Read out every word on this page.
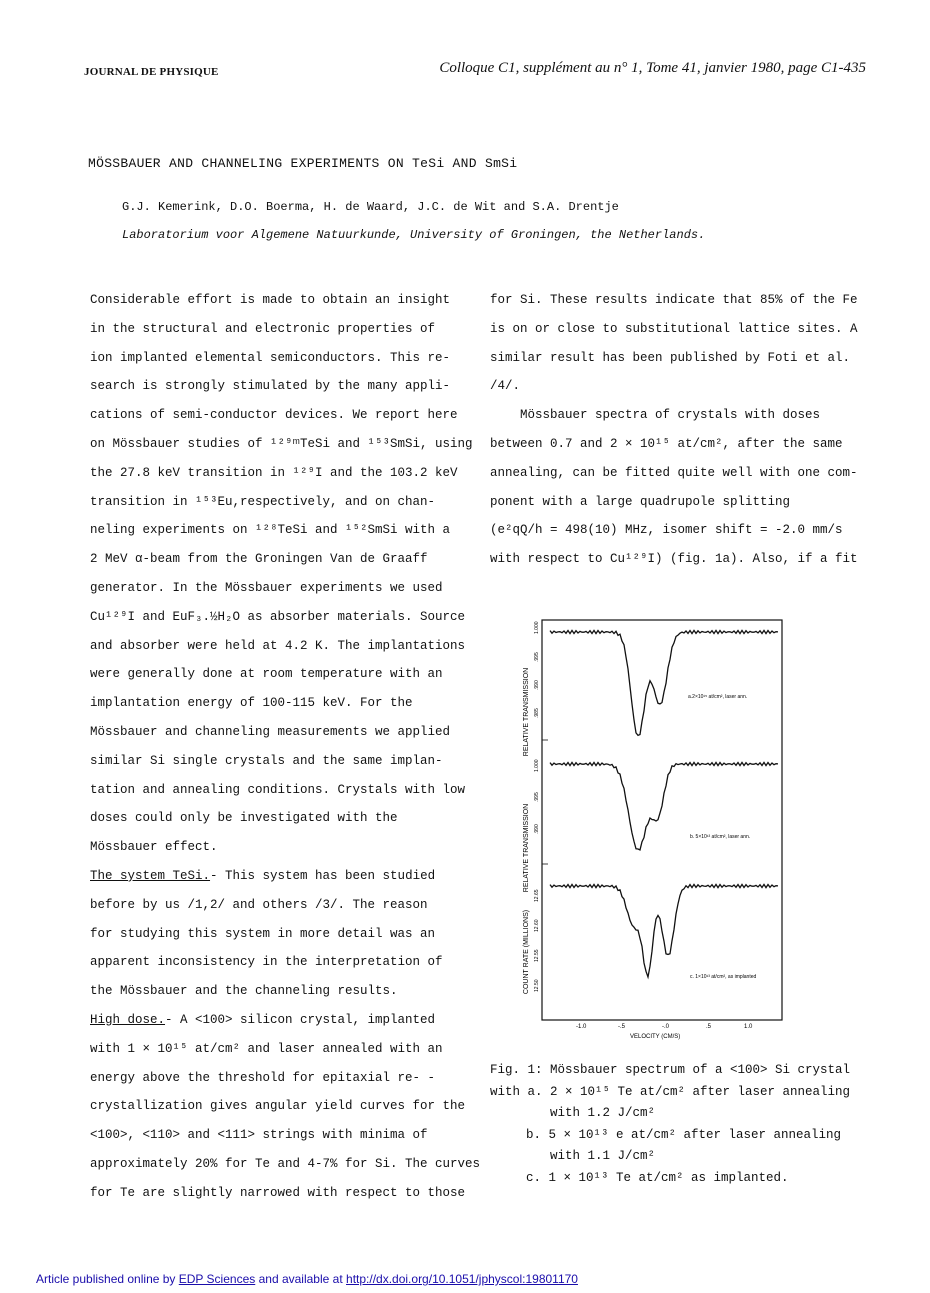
JOURNAL DE PHYSIQUE	Colloque C1, supplément au n° 1, Tome 41, janvier 1980, page C1-435
MÖSSBAUER AND CHANNELING EXPERIMENTS ON TeSi AND SmSi
G.J. Kemerink, D.O. Boerma, H. de Waard, J.C. de Wit and S.A. Drentje
Laboratorium voor Algemene Natuurkunde, University of Groningen, the Netherlands.
Considerable effort is made to obtain an insight
in the structural and electronic properties of
ion implanted elemental semiconductors. This re-
search is strongly stimulated by the many appli-
cations of semi-conductor devices. We report here
on Mössbauer studies of ¹²⁹ᵐTeSi and ¹⁵³SmSi, using
the 27.8 keV transition in ¹²⁹I and the 103.2 keV
transition in ¹⁵³Eu,respectively, and on chan-
neling experiments on ¹²⁸TeSi and ¹⁵²SmSi with a
2 MeV α-beam from the Groningen Van de Graaff
generator. In the Mössbauer experiments we used
Cu¹²⁹I and EuF₃.½H₂O as absorber materials. Source
and absorber were held at 4.2 K. The implantations
were generally done at room temperature with an
implantation energy of 100-115 keV. For the
Mössbauer and channeling measurements we applied
similar Si single crystals and the same implan-
tation and annealing conditions. Crystals with low
doses could only be investigated with the
Mössbauer effect.
The system TeSi.- This system has been studied
before by us /1,2/ and others /3/. The reason
for studying this system in more detail was an
apparent inconsistency in the interpretation of
the Mössbauer and the channeling results.
High dose.- A <100> silicon crystal, implanted
with 1 × 10¹⁵ at/cm² and laser annealed with an
energy above the threshold for epitaxial re- -
crystallization gives angular yield curves for the
<100>, <110> and <111> strings with minima of
approximately 20% for Te and 4-7% for Si. The curves
for Te are slightly narrowed with respect to those
for Si. These results indicate that 85% of the Fe
is on or close to substitutional lattice sites. A
similar result has been published by Foti et al.
/4/.
Mössbauer spectra of crystals with doses
between 0.7 and 2 × 10¹⁵ at/cm², after the same
annealing, can be fitted quite well with one com-
ponent with a large quadrupole splitting
(e²qQ/h = 498(10) MHz, isomer shift = -2.0 mm/s
with respect to Cu¹²⁹I) (fig. 1a). Also, if a fit
RELATIVE TRANSMISSION
RELATIVE TRANSMISSION
COUNT RATE (MILLIONS)
1.000
.995
.990
.985
1.000
.995
.990
12.65
12.60
12.55
12.50
a.2×10¹⁵ at/cm², laser ann.
b. 5×10¹³ at/cm², laser ann.
c. 1×10¹³ at/cm², as implanted
-1.0	-.5	-.0	.5	1.0
VELOCITY (CM/S)
Fig. 1: Mössbauer spectrum of a <100> Si crystal
with a. 2 × 10¹⁵ Te at/cm² after laser annealing
with 1.2 J/cm²
b. 5 × 10¹³ e at/cm² after laser annealing
with 1.1 J/cm²
c. 1 × 10¹³ Te at/cm² as implanted.
Article published online by EDP Sciences and available at http://dx.doi.org/10.1051/jphyscol:19801170
